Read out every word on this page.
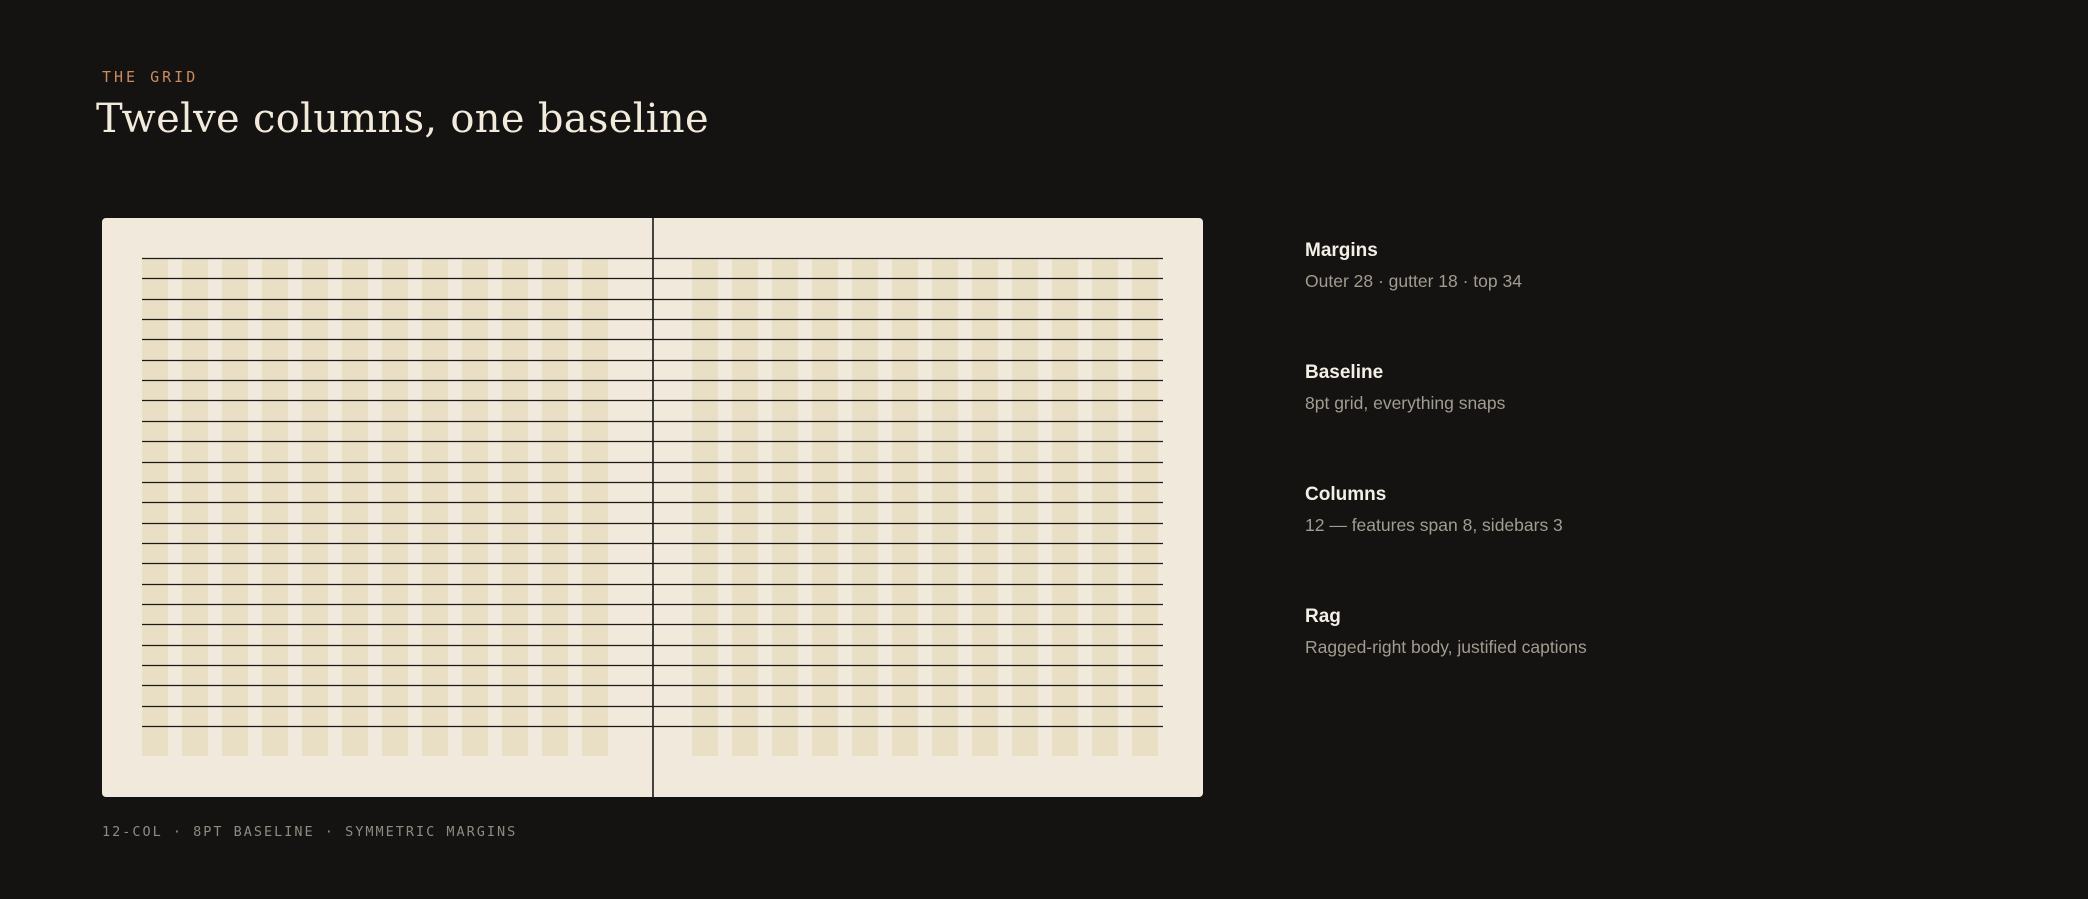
THE GRID
Twelve columns, one baseline
12-COL · 8PT BASELINE · SYMMETRIC MARGINS
Margins
Outer 28 · gutter 18 · top 34
Baseline
8pt grid, everything snaps
Columns
12 — features span 8, sidebars 3
Rag
Ragged-right body, justified captions
